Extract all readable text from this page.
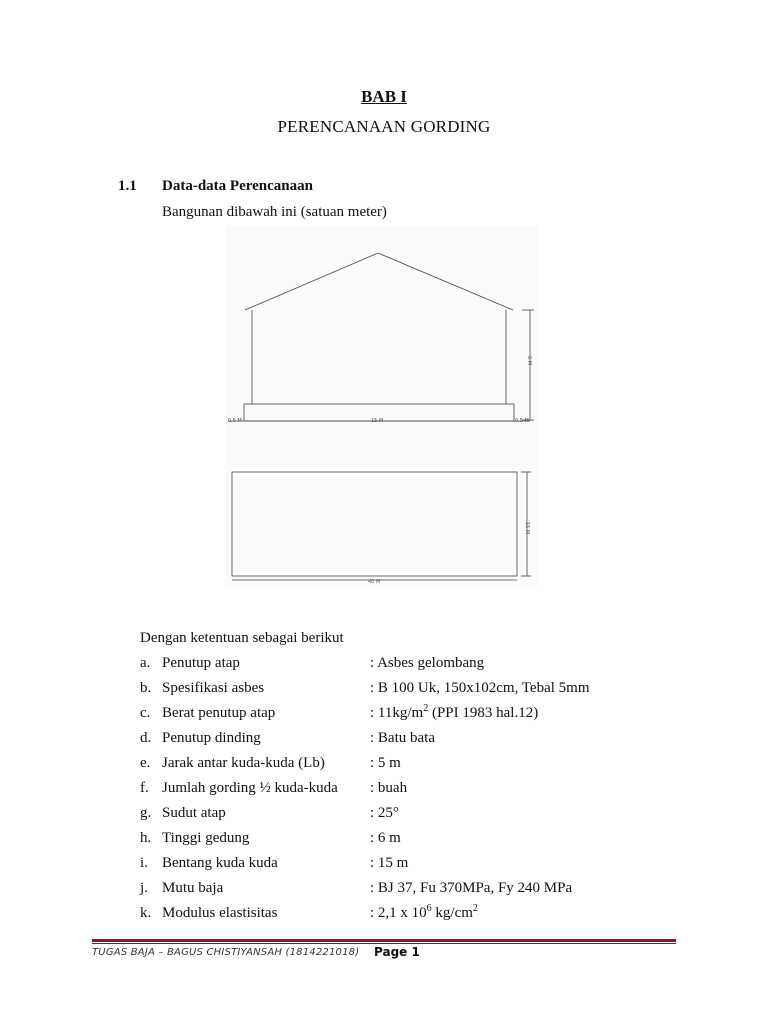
BAB I
PERENCANAAN GORDING
1.1 Data-data Perencanaan
Bangunan dibawah ini (satuan meter)
0,5 M	15 M	0,5 M
6 M
15 M
40 M
Dengan ketentuan sebagai berikut
a. Penutup atap	: Asbes gelombang
b. Spesifikasi asbes	: B 100 Uk, 150x102cm, Tebal 5mm
c. Berat penutup atap	: $11kg/m^2$ (PPI 1983 hal.12)
d. Penutup dinding	: Batu bata
e. Jarak antar kuda-kuda (Lb)	: 5 m
f. Jumlah gording ½ kuda-kuda : buah
g. Sudut atap	: 25°
h. Tinggi gedung	: 6 m
i. Bentang kuda kuda	: 15 m
j. Mutu baja	: BJ 37, Fu 370MPa, Fy 240 MPa
k. Modulus elastisitas	: 2,1 x $10^6$ $kg/cm^2$
TUGAS BAJA – BAGUS CHISTIYANSAH (1814221018) Page 1
